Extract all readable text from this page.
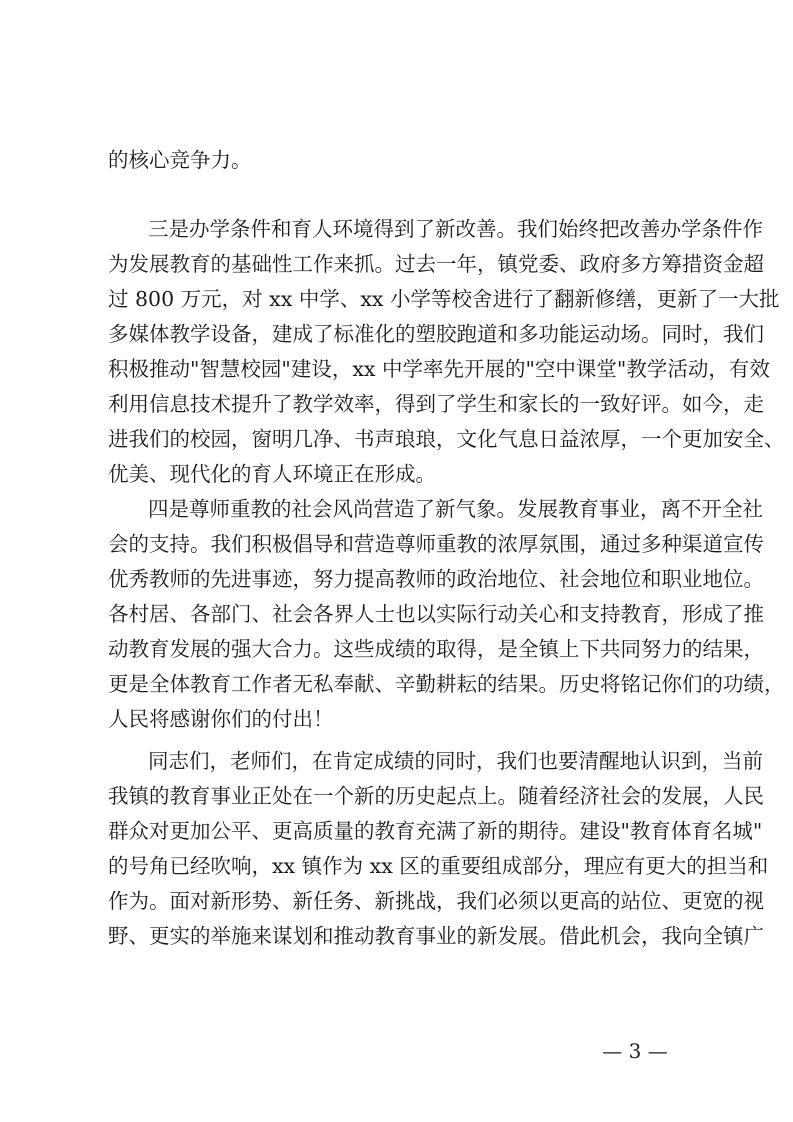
的核心竞争力。
三是办学条件和育人环境得到了新改善。我们始终把改善办学条件作
为发展教育的基础性工作来抓。过去一年，镇党委、政府多方筹措资金超
过 800 万元，对 xx 中学、xx 小学等校舍进行了翻新修缮，更新了一大批
多媒体教学设备，建成了标准化的塑胶跑道和多功能运动场。同时，我们
积极推动"智慧校园"建设，xx 中学率先开展的"空中课堂"教学活动，有效
利用信息技术提升了教学效率，得到了学生和家长的一致好评。如今，走
进我们的校园，窗明几净、书声琅琅，文化气息日益浓厚，一个更加安全、
优美、现代化的育人环境正在形成。
四是尊师重教的社会风尚营造了新气象。发展教育事业，离不开全社
会的支持。我们积极倡导和营造尊师重教的浓厚氛围，通过多种渠道宣传
优秀教师的先进事迹，努力提高教师的政治地位、社会地位和职业地位。
各村居、各部门、社会各界人士也以实际行动关心和支持教育，形成了推
动教育发展的强大合力。这些成绩的取得，是全镇上下共同努力的结果，
更是全体教育工作者无私奉献、辛勤耕耘的结果。历史将铭记你们的功绩，
人民将感谢你们的付出！
同志们，老师们，在肯定成绩的同时，我们也要清醒地认识到，当前
我镇的教育事业正处在一个新的历史起点上。随着经济社会的发展，人民
群众对更加公平、更高质量的教育充满了新的期待。建设"教育体育名城"
的号角已经吹响，xx 镇作为 xx 区的重要组成部分，理应有更大的担当和
作为。面对新形势、新任务、新挑战，我们必须以更高的站位、更宽的视
野、更实的举施来谋划和推动教育事业的新发展。借此机会，我向全镇广
— 3 —
